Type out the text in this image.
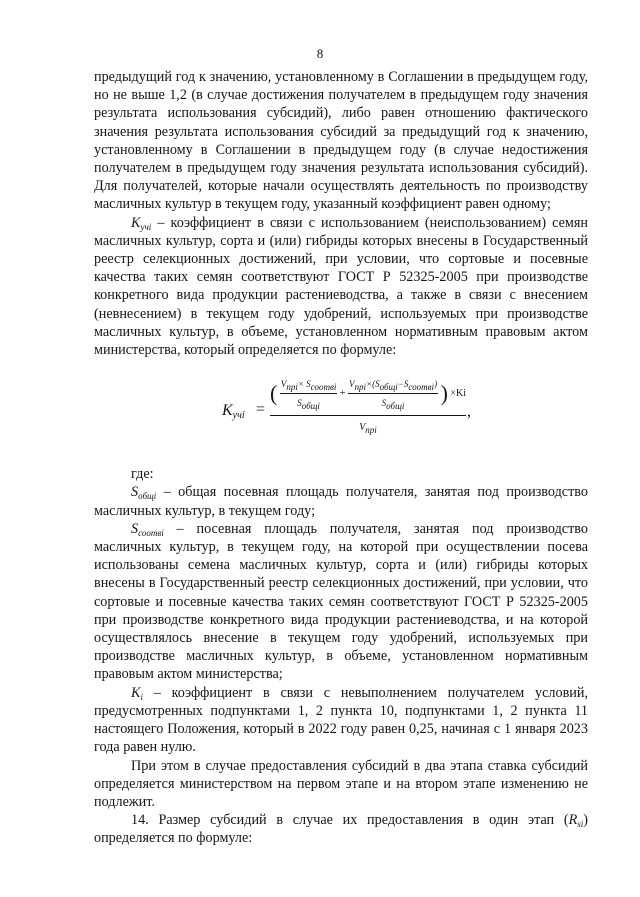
8

предыдущий год к значению, установленному в Соглашении в предыдущем году, но не выше 1,2 (в случае достижения получателем в предыдущем году значения результата использования субсидий), либо равен отношению фактического значения результата использования субсидий за предыдущий год к значению, установленному в Соглашении в предыдущем году (в случае недостижения получателем в предыдущем году значения результата использования субсидий). Для получателей, которые начали осуществлять деятельность по производству масличных культур в текущем году, указанный коэффициент равен одному;

$K_{учi}$ – коэффициент в связи с использованием (неиспользованием) семян масличных культур, сорта и (или) гибриды которых внесены в Государственный реестр селекционных достижений, при условии, что сортовые и посевные качества таких семян соответствуют ГОСТ Р 52325-2005 при производстве конкретного вида продукции растениеводства, а также в связи с внесением (невнесением) в текущем году удобрений, используемых при производстве масличных культур, в объеме, установленном нормативным правовым актом министерства, который определяется по формуле:

$K_{учi}$ =
( $\frac{V_{прi}\times S_{соотвi}}{S_{общi}} + \frac{V_{прi}\times(S_{общi}-S_{соотвi})}{S_{общi}}$ ) ×Ki
$V_{прi}$
,

где:

$S_{общi}$ – общая посевная площадь получателя, занятая под производство масличных культур, в текущем году;

$S_{соотвi}$ – посевная площадь получателя, занятая под производство масличных культур, в текущем году, на которой при осуществлении посева использованы семена масличных культур, сорта и (или) гибриды которых внесены в Государственный реестр селекционных достижений, при условии, что сортовые и посевные качества таких семян соответствуют ГОСТ Р 52325-2005 при производстве конкретного вида продукции растениеводства, и на которой осуществлялось внесение в текущем году удобрений, используемых при производстве масличных культур, в объеме, установленном нормативным правовым актом министерства;

$K_i$ – коэффициент в связи с невыполнением получателем условий, предусмотренных подпунктами 1, 2 пункта 10, подпунктами 1, 2 пункта 11 настоящего Положения, который в 2022 году равен 0,25, начиная с 1 января 2023 года равен нулю.

При этом в случае предоставления субсидий в два этапа ставка субсидий определяется министерством на первом этапе и на втором этапе изменению не подлежит.

14. Размер субсидий в случае их предоставления в один этап $(R_{si})$ определяется по формуле:
